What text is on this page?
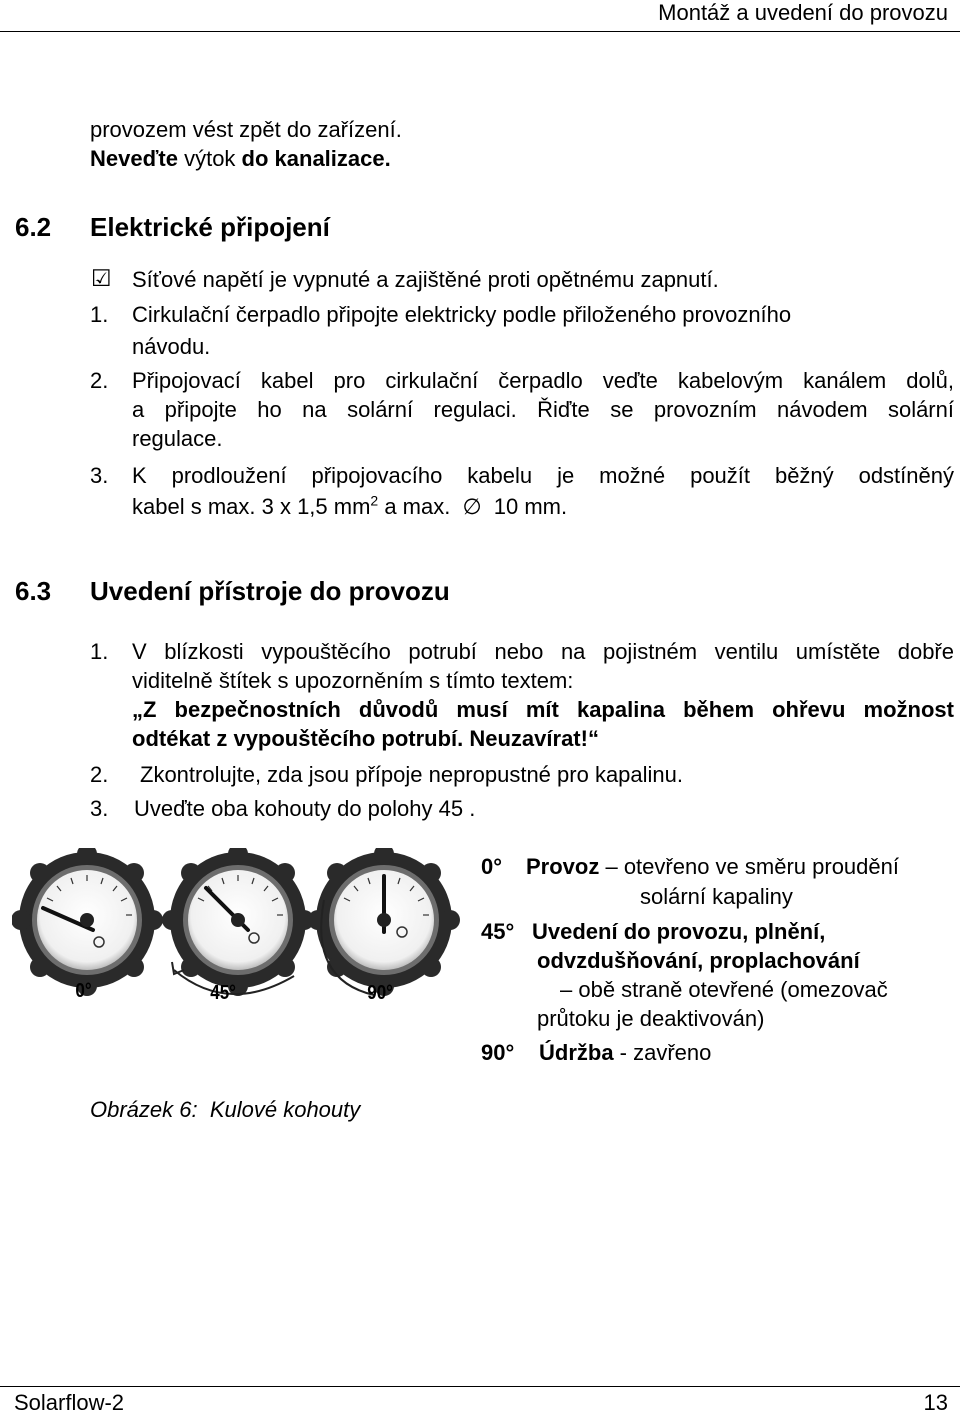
Montáž a uvedení do provozu
provozem vést zpět do zařízení.
Neveďte výtok do kanalizace.
6.2 Elektrické připojení
☑ Síťové napětí je vypnuté a zajištěné proti opětnému zapnutí.
1. Cirkulační čerpadlo připojte elektricky podle přiloženého provozního
návodu.
2. Připojovací kabel pro cirkulační čerpadlo veďte kabelovým kanálem dolů,
a připojte ho na solární regulaci. Řiďte se provozním návodem solární
regulace.
3. K prodloužení připojovacího kabelu je možné použít běžný odstíněný
kabel s max. 3 x 1,5 $mm^2$ a max. ∅ 10 mm.
6.3 Uvedení přístroje do provozu
1. V blízkosti vypouštěcího potrubí nebo na pojistném ventilu umístěte dobře
viditelně štítek s upozorněním s tímto textem:
„Z bezpečnostních důvodů musí mít kapalina během ohřevu možnost
odtékat z vypouštěcího potrubí. Neuzavírat!“
2. Zkontrolujte, zda jsou přípoje nepropustné pro kapalinu.
3. Uveďte oba kohouty do polohy 45 .
0°	45°	90°
0° Provoz – otevřeno ve směru proudění
solární kapaliny
45° Uvedení do provozu, plnění,
odvzdušňování, proplachování
– obě straně otevřené (omezovač
průtoku je deaktivován)
90° Údržba - zavřeno
Obrázek 6:  Kulové kohouty
Solarflow-2	13
